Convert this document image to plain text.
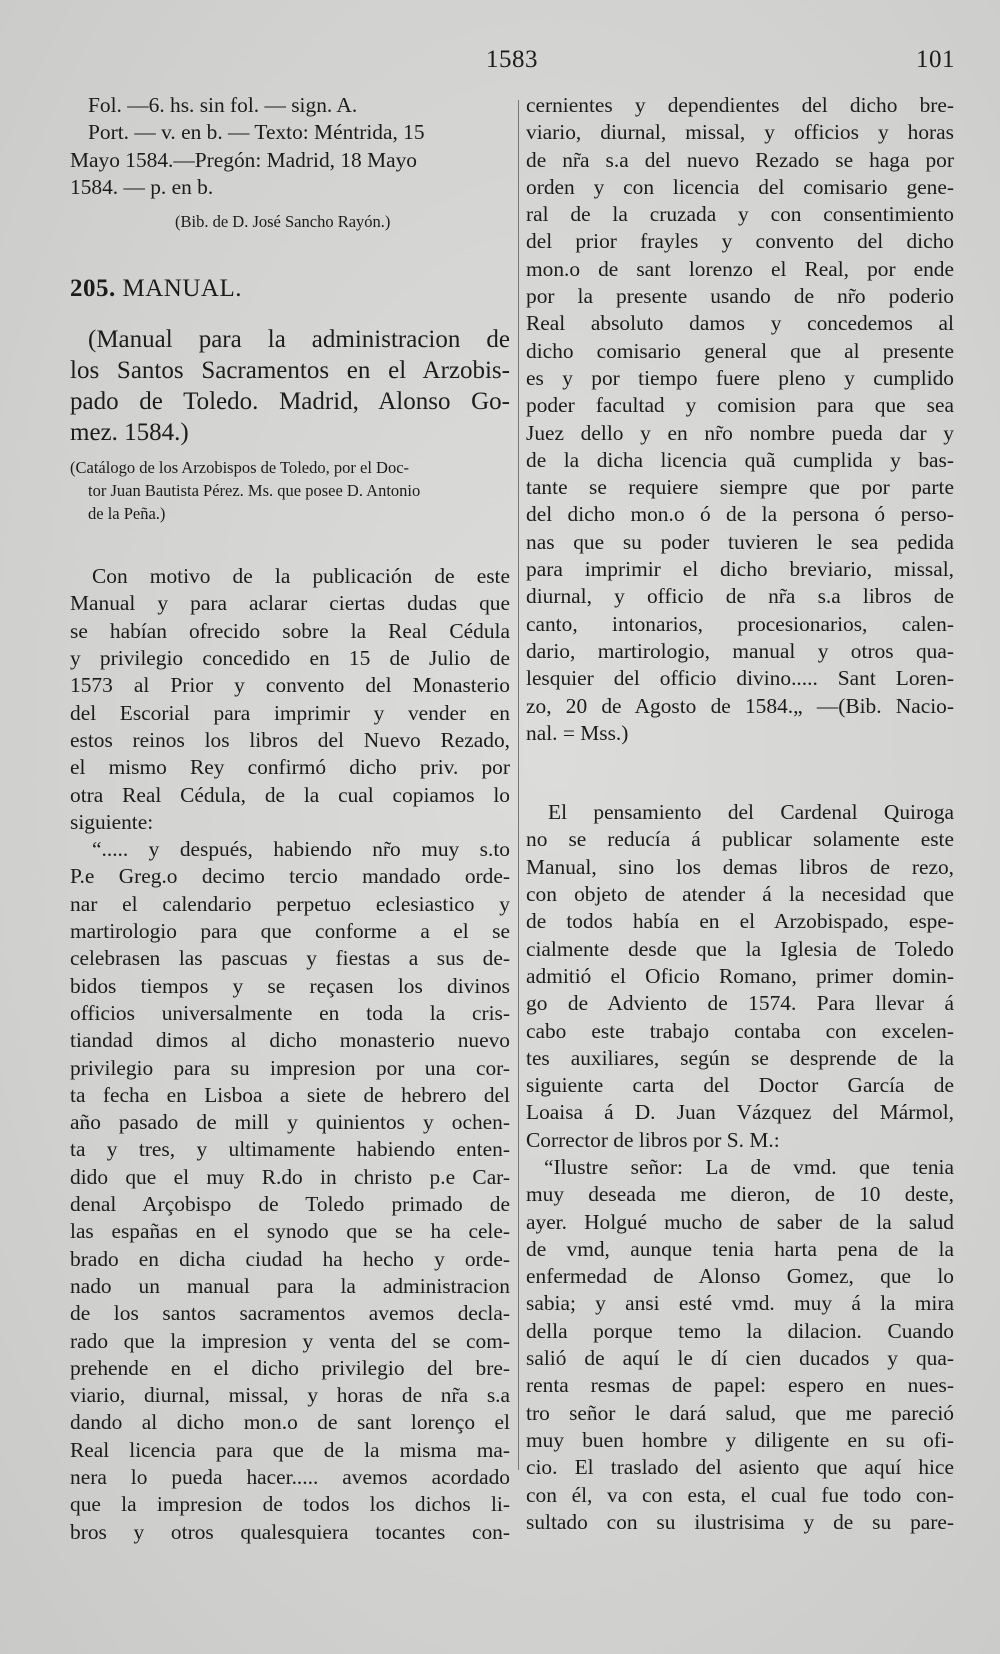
1583	101
Fol. —6. hs. sin fol. — sign. A.
Port. — v. en b. — Texto: Méntrida, 15
Mayo 1584.—Pregón: Madrid, 18 Mayo
1584. — p. en b.
(Bib. de D. José Sancho Rayón.)
205. MANUAL.
(Manual para la administracion de
los Santos Sacramentos en el Arzobis-
pado de Toledo. Madrid, Alonso Go-
mez. 1584.)
(Catálogo de los Arzobispos de Toledo, por el Doc-
tor Juan Bautista Pérez. Ms. que posee D. Antonio
de la Peña.)
Con motivo de la publicación de este
Manual y para aclarar ciertas dudas que
se habían ofrecido sobre la Real Cédula
y privilegio concedido en 15 de Julio de
1573 al Prior y convento del Monasterio
del Escorial para imprimir y vender en
estos reinos los libros del Nuevo Rezado,
el mismo Rey confirmó dicho priv. por
otra Real Cédula, de la cual copiamos lo
siguiente:
“..... y después, habiendo nr̃o muy s.to
P.e Greg.o decimo tercio mandado orde-
nar el calendario perpetuo eclesiastico y
martirologio para que conforme a el se
celebrasen las pascuas y fiestas a sus de-
bidos tiempos y se reçasen los divinos
officios universalmente en toda la cris-
tiandad dimos al dicho monasterio nuevo
privilegio para su impresion por una cor-
ta fecha en Lisboa a siete de hebrero del
año pasado de mill y quinientos y ochen-
ta y tres, y ultimamente habiendo enten-
dido que el muy R.do in christo p.e Car-
denal Arçobispo de Toledo primado de
las españas en el synodo que se ha cele-
brado en dicha ciudad ha hecho y orde-
nado un manual para la administracion
de los santos sacramentos avemos decla-
rado que la impresion y venta del se com-
prehende en el dicho privilegio del bre-
viario, diurnal, missal, y horas de nr̃a s.a
dando al dicho mon.o de sant lorenço el
Real licencia para que de la misma ma-
nera lo pueda hacer..... avemos acordado
que la impresion de todos los dichos li-
bros y otros qualesquiera tocantes con-
cernientes y dependientes del dicho bre-
viario, diurnal, missal, y officios y horas
de nr̃a s.a del nuevo Rezado se haga por
orden y con licencia del comisario gene-
ral de la cruzada y con consentimiento
del prior frayles y convento del dicho
mon.o de sant lorenzo el Real, por ende
por la presente usando de nr̃o poderio
Real absoluto damos y concedemos al
dicho comisario general que al presente
es y por tiempo fuere pleno y cumplido
poder facultad y comision para que sea
Juez dello y en nr̃o nombre pueda dar y
de la dicha licencia quã cumplida y bas-
tante se requiere siempre que por parte
del dicho mon.o ó de la persona ó perso-
nas que su poder tuvieren le sea pedida
para imprimir el dicho breviario, missal,
diurnal, y officio de nr̃a s.a libros de
canto, intonarios, procesionarios, calen-
dario, martirologio, manual y otros qua-
lesquier del officio divino..... Sant Loren-
zo, 20 de Agosto de 1584.„ —(Bib. Nacio-
nal. = Mss.)
El pensamiento del Cardenal Quiroga
no se reducía á publicar solamente este
Manual, sino los demas libros de rezo,
con objeto de atender á la necesidad que
de todos había en el Arzobispado, espe-
cialmente desde que la Iglesia de Toledo
admitió el Oficio Romano, primer domin-
go de Adviento de 1574. Para llevar á
cabo este trabajo contaba con excelen-
tes auxiliares, según se desprende de la
siguiente carta del Doctor García de
Loaisa á D. Juan Vázquez del Mármol,
Corrector de libros por S. M.:
“Ilustre señor: La de vmd. que tenia
muy deseada me dieron, de 10 deste,
ayer. Holgué mucho de saber de la salud
de vmd, aunque tenia harta pena de la
enfermedad de Alonso Gomez, que lo
sabia; y ansi esté vmd. muy á la mira
della porque temo la dilacion. Cuando
salió de aquí le dí cien ducados y qua-
renta resmas de papel: espero en nues-
tro señor le dará salud, que me pareció
muy buen hombre y diligente en su ofi-
cio. El traslado del asiento que aquí hice
con él, va con esta, el cual fue todo con-
sultado con su ilustrisima y de su pare-
